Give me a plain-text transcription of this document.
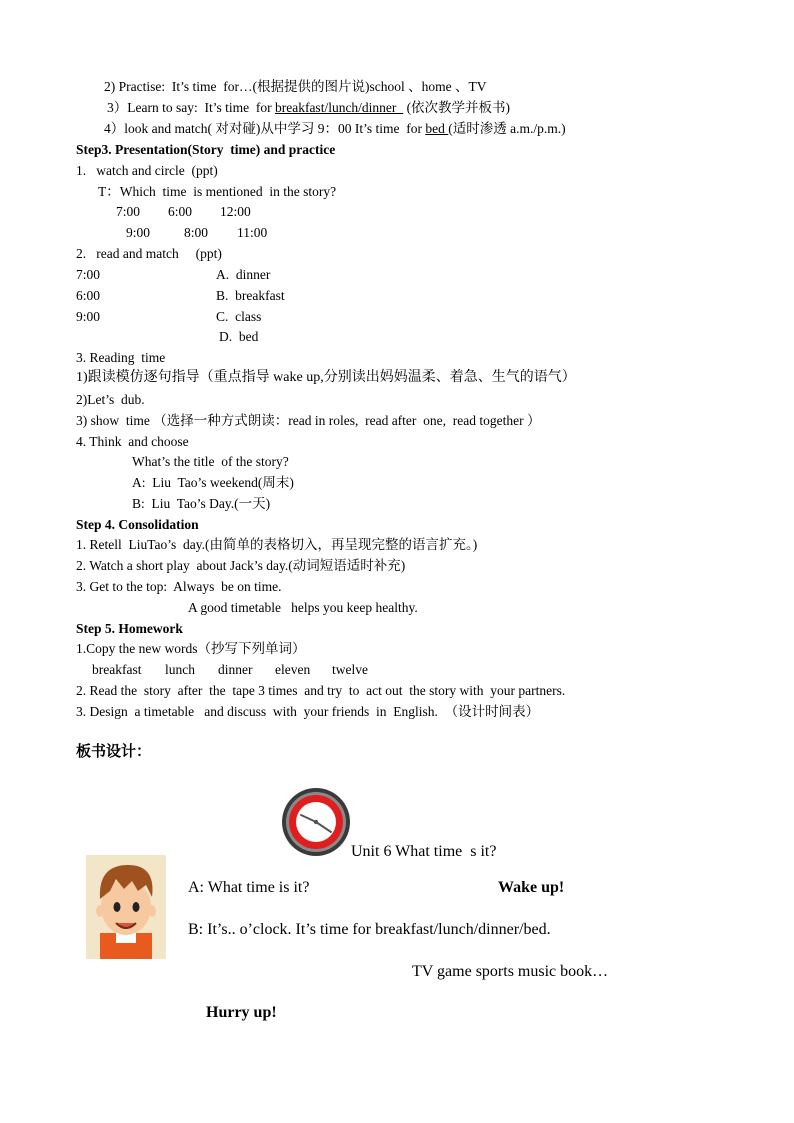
2) Practise:  It’s time  for…(根据提供的图片说)school 、home 、TV
3）Learn to say:  It’s time  for breakfast/lunch/dinner   (依次教学并板书)
4）look and match( 对对碰)从中学习 9：00 It’s time  for bed (适时渗透 a.m./p.m.)
Step3. Presentation(Story  time) and practice
1.   watch and circle  (ppt)
T：Which  time  is mentioned  in the story?
7:00 6:00 12:00
9:00	8:00 11:00
2.   read and match     (ppt)
7:00	A.  dinner
6:00	B.  breakfast
9:00	C.  class
D.  bed
3. Reading  time
1)跟读模仿逐句指导（重点指导 wake up,分别读出妈妈温柔、着急、生气的语气）
2)Let’s  dub.
3) show  time （选择一种方式朗读：read in roles,  read after  one,  read together ）
4. Think  and choose
What’s the title  of the story?
A:  Liu  Tao’s weekend(周末)
B:  Liu  Tao’s Day.(一天)
Step 4. Consolidation
1. Retell  LiuTao’s  day.(由简单的表格切入，再呈现完整的语言扩充。)
2. Watch a short play  about Jack’s day.(动词短语适时补充)
3. Get to the top:  Always  be on time.
A good timetable   helps you keep healthy.
Step 5. Homework
1.Copy the new words（抄写下列单词）
breakfast lunch dinner eleven twelve
2. Read the  story  after  the  tape 3 times  and try  to  act out  the story with  your partners.
3. Design  a timetable   and discuss  with  your friends  in  English.  （设计时间表）
板书设计：
Unit 6 What time  s it?
A: What time is it?	Wake up!
B: It’s.. o’clock. It’s time for breakfast/lunch/dinner/bed.
TV game sports music book…
Hurry up!
